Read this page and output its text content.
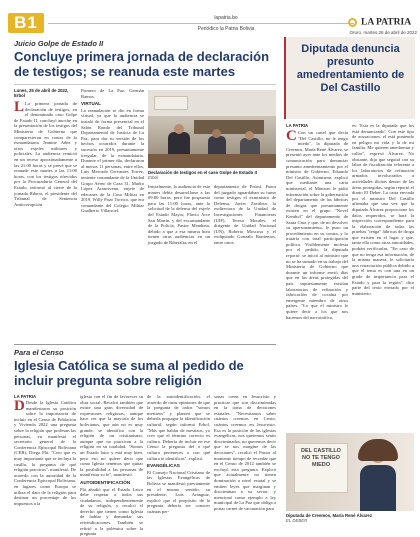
B1	lapatria.bo
Periódico la Patria Bolivia
LA PATRIA
Oruro, martes 26 de abril de 2022
Juicio Golpe de Estado II
Concluye primera jornada de declaración de testigos; se reanuda este martes
Lunes, 25 de abril de 2022,
Erbol
L La primera jornada de declaración de testigos, en el denominado caso Golpe de Estado II, concluyó anoche en la presentación de los testigos del Ministerio de Gobierno que comparecieron en contra de la exmandataria Jeanine Añez y otros exjefes militares y policiales. La audiencia reinició en un receso aproximadamente a las 21:00 horas y se prevé que se reanude este martes a las 11:00 horas, con los testigos ofrecidos por la Procuraduría General del Estado, informó al cierre de la jornada Ribera, el presidente del Tribunal de Sentencia Anticorrupción

Primero de La Paz, Germán Ramos.

VIRTUAL

La reanudación se dio en forma virtual, ya que la audiencia se instaló de forma presencial en el Salón Rondo del Tribunal Departamental de Justicia de La Paz, para dar su versión de los hechos ocurridos durante la sucesión en 2019, presuntamente irregular, de la exmandataria. Durante el primer día, declararon al menos 11 personas, entre ellos, Luis Mercado Cervantes Torrez, teniente comandante de la Unidad Grupo Aéreo de Caza 31, Marko López Aranciveno, enjefe de edecanes de la Casa Militar en 2019, Willy Pozo Torrico, que era comandante del Colegio Militar Gualberto Villarroel.

Declaración de testigos en el caso Golpe de Estado II
Erbol

Inicialmente, la audiencia de este martes debía desarrollarse a las 09:00 horas, pero fue pospuesta para las 11:00 horas, ante la solicitud de la defensa del exjefe del Estado Mayor, Flavio Arce San Martín, y del excomandante de la Policía, Pastor Mendieta, debido a que a esa misma hora tienen otras audiencias en un juzgado de Riberalta, en el

departamento de Potosí. Fuera del juzgado aguardaban su turno como testigos el exministro de Defensa, Javier Zavaleta, la exdirectora de la Unidad de Investigaciones Financieras (UIF), Teresa Morales; el dirigente de Unidad Nacional (UN), Roberto Moscoso y el exdiputado Gonzalo Barrientos, entre otros.

Diputada denuncia presunto amedrentamiento de Del Castillo
LA PATRIA
C Con un cartel que decía "Del Castillo, no le tengo miedo", la diputada de Creemos, María René Álvarez, se presentó ayer ante los medios de comunicación para denunciar presunto amedrentamiento por el ministro de Gobierno, Eduardo Del Castillo. Asimismo, explicó que mediante una carta ministerial, el Ministro le pidió información sobre la gobernación del departamento de las fábricas de drogas que presuntamente existen en el grupo "Novel Kembol" del departamento de Santa Cruz y que, de no devolver su apersonamiento, le puso un procedimiento en su contra, y lo trataría con total participación política. Visiblemente molesta por el pedido, la diputada reportó: se inició al ministro que no se ha sumado en su trabajo del Ministerio de Gobierno que durante un informe envió días que en las áreas protegidas del país supuestamente existían laboratorios de refinación y fabricación de cocaína por emergente miembro de otros países. "Lo que el ministro le quiere decir a los que nos hacemos del narcotráfico,

es: 'Esta es la diputada que los está denunciando'. Con este tipo de acusaciones, el está poniendo en peligro mi vida y la de mi familia. Me quieren amedrentar y callar", expresó Álvarez. No obstante, dijo que seguirá con su labor de fiscalización referente a los laboratorios de refinación armados involucrados a actividades ilícitas dentro de las áreas protegidas, según reportó el diario El Deber. La carta enviada por el ministro Del Castillo afirmaba que una vez que la diputada Álvarez proporcione los datos requeridos, se hará la inspección correspondiente para la elaboración de todas las pruebas "tenga" fábricas de droga que existen en el lugar y que, tanto ella como otras autoridades, podrán verificarlas. "En caso de que no tenga esa información, de la misma manera, le solicitaría una retractación pública debido a que el tema es con una en un grado de importancia para el Estado y para la región", dice parte del texto enviado por el ministerio.

DEL CASTILLO NO TE TENGO MIEDO
Diputada de Creemos, María René Álvarez
EL DEBER
Para el Censo
Iglesia Católica se suma al pedido de incluir pregunta sobre religión
LA PATRIA
D Desde la Iglesia Católica manifestaron su posición sobre la importancia de incluir en el Censo de Población y Vivienda 2022 una pregunta sobre la religión que profesan las personas, en manifestó el secretario general de la Conferencia Episcopal Boliviana (CEB), Diego Plá. "Creo que es muy importante que se incluya la casilla, la pregunta de qué religión practicas", manifestó. De acuerdo con la autoridad de la Conferencia Episcopal Boliviana, en lugares como Europa se utiliza el dato de la religión para destinar un porcentaje de los impuestos a la

iglesia con el fin de favorecer su obra social. Recalcó también que existe una gran diversidad de expresiones religiosas, aunque hace ver que la mayoría de los bolivianos, que aún no es muy grande, se identifica con la religión de un cristianismo, aunque que no practican a la religión en su totalidad. "Somos un Estado laico y está muy bien, pero eso no quiere decir que como Iglesia tenemos que quitar la posibilidad a las personas de manifestar su fe", manifestó.

AUTOIDENTIFICACIÓN

Plá añadió que el Estado Laico debe respetar a todos sus ciudadanos, independientemente de su religión, y recalcó el derecho que tienen como Iglesia de hablar y demandar sus reivindicaciones. También se refirió a la polémica sobre la pregunta

de la autoidentificación, el acuerdo de otras opiniones de que la pregunta de todos "somos mestizos" y planteó que se debería propagar la identificación cultural, según informó Erbol. "Más que hablar de mestizos, yo creo que el término correcto es cultura. Debería de incluir en ese Censo la pregunta del a qué cultura perteneces o con qué cultura te identificas", explicó.

EVANGÉLICAS

El Consejo Nacional Cristiano de las Iglesias Evangélicas de Bolivia se manifestó previamente en el mismo sentido, su presidente, Luis Aranguiz, explicó que el propósito de la pregunta debería ser conocer cuántas per-

sonas creen en Jesucristo y practicar que son discriminadas en la toma de decisiones estatales. "Necesitamos saber cuántos creemos en Cristo, cuántos creemos en Jesucristo. Esa es la posición de las iglesias evangélicas, nos queremos sentir discriminados, no queremos decir que se nos margine de las decisiones", recalcó el Pastor al momento tiempo de recordar que en el Censo de 2012 también se excluyó esta pregunta. Explicó que actualmente no tienen dominación a nivel estatal y se emiten leyes que marginan y discriminan a su sector, y mencionó como ejemplo a ley municipal de La Paz que obliga a portar carnet de vacunación para
